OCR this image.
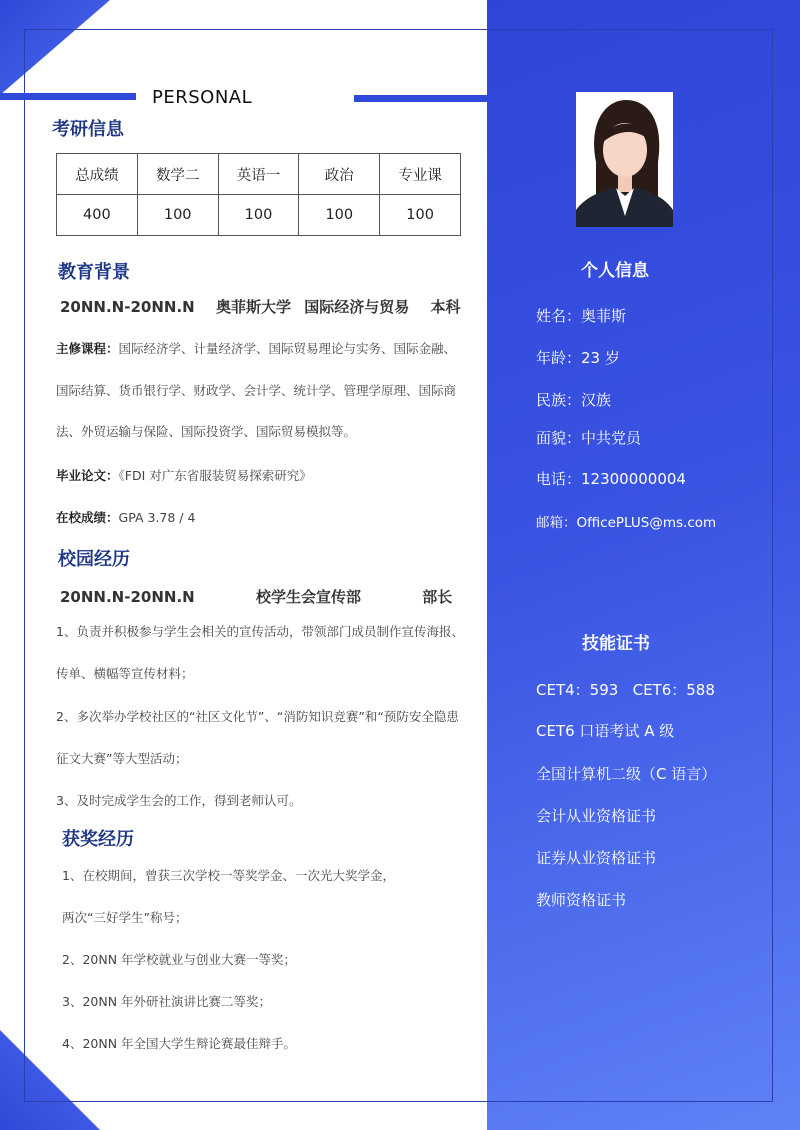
PERSONAL
考研信息
总成绩	数学二	英语一	政治	专业课
400	100	100	100	100
教育背景
20NN.N-20NN.N 奥菲斯大学 国际经济与贸易 本科
主修课程：国际经济学、计量经济学、国际贸易理论与实务、国际金融、国际结算、货币银行学、财政学、会计学、统计学、管理学原理、国际商法、外贸运输与保险、国际投资学、国际贸易模拟等。
毕业论文：《FDI 对广东省服装贸易探索研究》
在校成绩：GPA 3.78 / 4
校园经历
20NN.N-20NN.N	校学生会宣传部	部长
1、负责并积极参与学生会相关的宣传活动，带领部门成员制作宣传海报、传单、横幅等宣传材料；
2、多次举办学校社区的“社区文化节”、“消防知识竞赛”和“预防安全隐患征文大赛”等大型活动；
3、及时完成学生会的工作，得到老师认可。
获奖经历
1、在校期间，曾获三次学校一等奖学金、一次光大奖学金，
两次“三好学生”称号；
2、20NN 年学校就业与创业大赛一等奖；
3、20NN 年外研社演讲比赛二等奖；
4、20NN 年全国大学生辩论赛最佳辩手。
个人信息
姓名：奥菲斯
年龄：23 岁
民族：汉族
面貌：中共党员
电话：12300000004
邮箱：OfficePLUS@ms.com
技能证书
CET4：593   CET6：588
CET6 口语考试 A 级
全国计算机二级（C 语言）
会计从业资格证书
证券从业资格证书
教师资格证书
